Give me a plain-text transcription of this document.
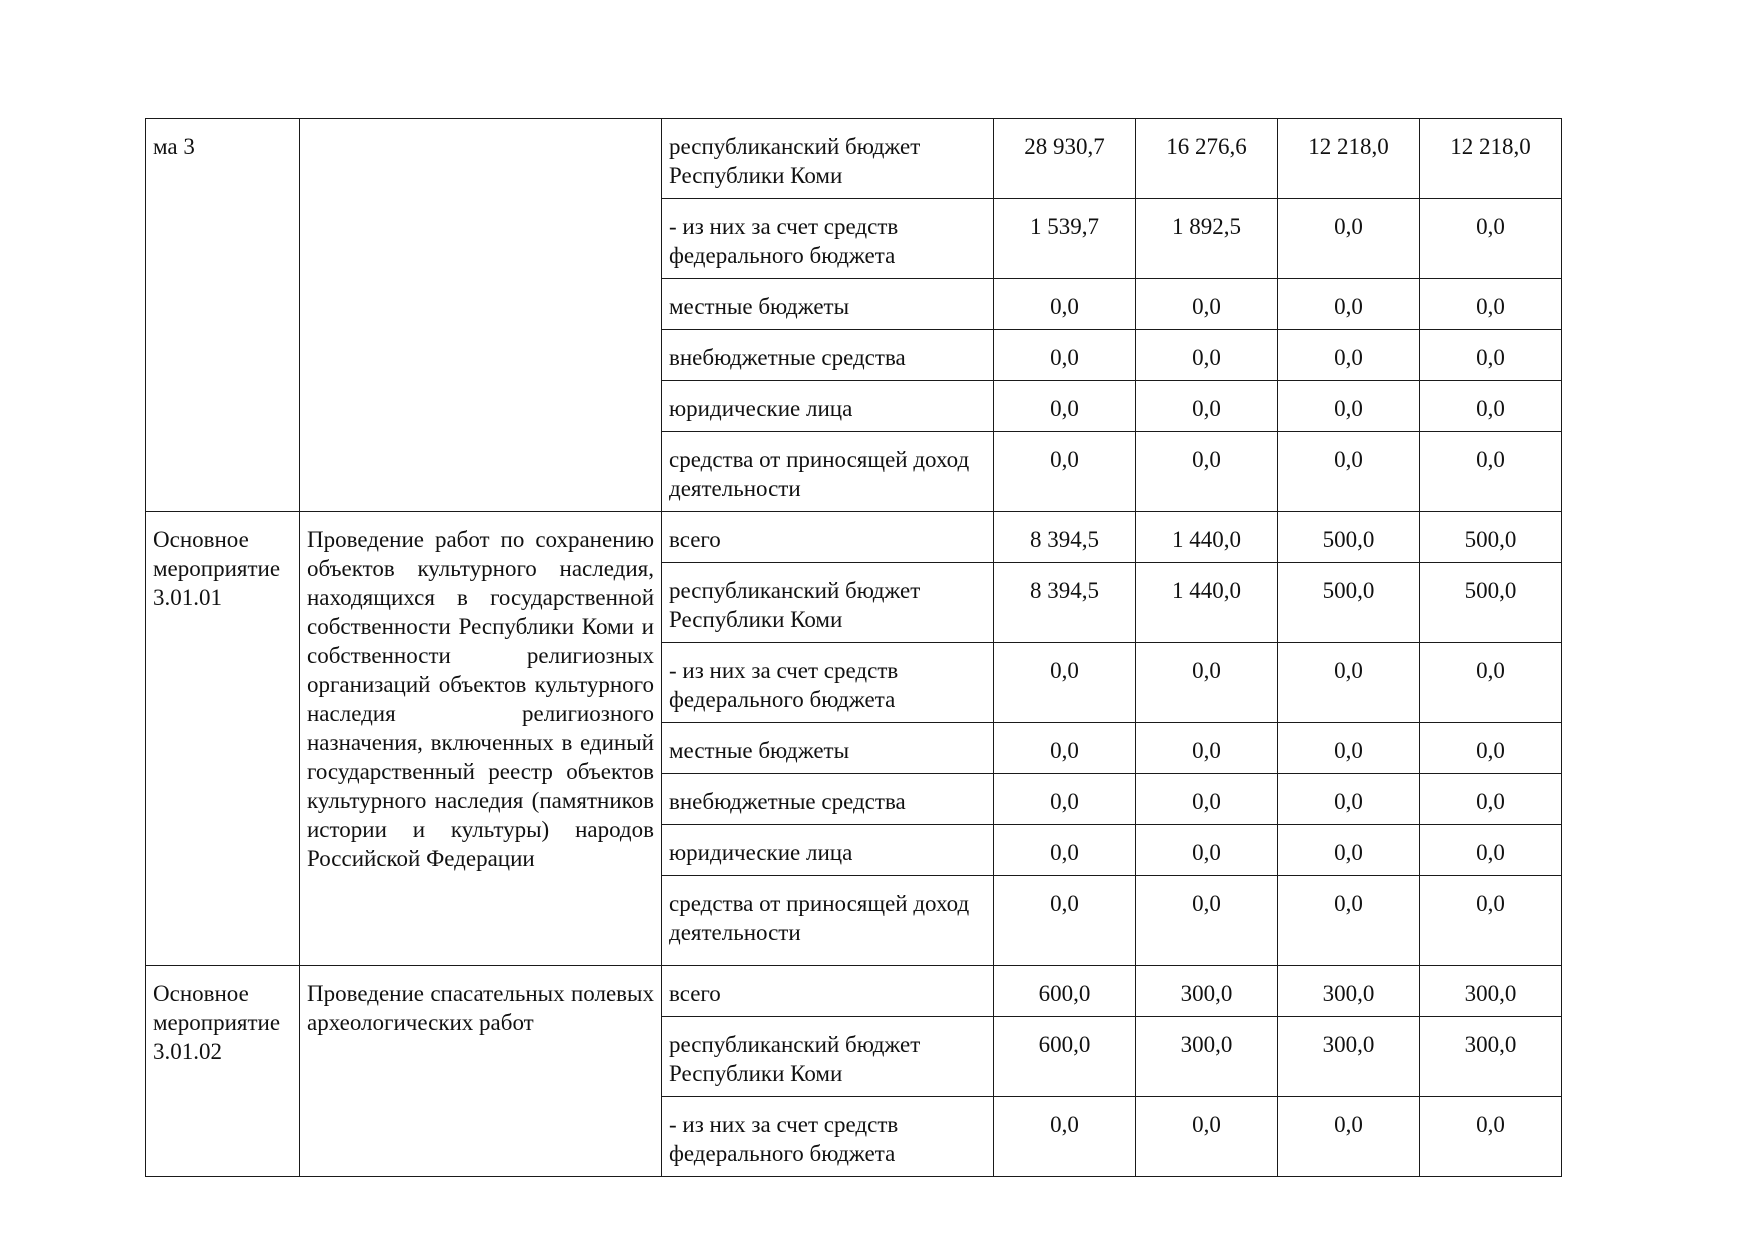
ма 3		республиканский бюджет Республики Коми	28 930,7	16 276,6	12 218,0	12 218,0
		- из них за счет средств федерального бюджета	1 539,7	1 892,5	0,0	0,0
		местные бюджеты	0,0	0,0	0,0	0,0
		внебюджетные средства	0,0	0,0	0,0	0,0
		юридические лица	0,0	0,0	0,0	0,0
		средства от приносящей доход деятельности	0,0	0,0	0,0	0,0
Основное мероприятие 3.01.01	Проведение работ по сохранению объектов культурного наследия, находящихся в государственной собственности Республики Коми и собственности религиозных организаций объектов культурного наследия религиозного назначения, включенных в единый государственный реестр объектов культурного наследия (памятников истории и культуры) народов Российской Федерации	всего	8 394,5	1 440,0	500,0	500,0
		республиканский бюджет Республики Коми	8 394,5	1 440,0	500,0	500,0
		- из них за счет средств федерального бюджета	0,0	0,0	0,0	0,0
		местные бюджеты	0,0	0,0	0,0	0,0
		внебюджетные средства	0,0	0,0	0,0	0,0
		юридические лица	0,0	0,0	0,0	0,0
		средства от приносящей доход деятельности	0,0	0,0	0,0	0,0
Основное мероприятие 3.01.02	Проведение спасательных полевых археологических работ	всего	600,0	300,0	300,0	300,0
		республиканский бюджет Республики Коми	600,0	300,0	300,0	300,0
		- из них за счет средств федерального бюджета	0,0	0,0	0,0	0,0
